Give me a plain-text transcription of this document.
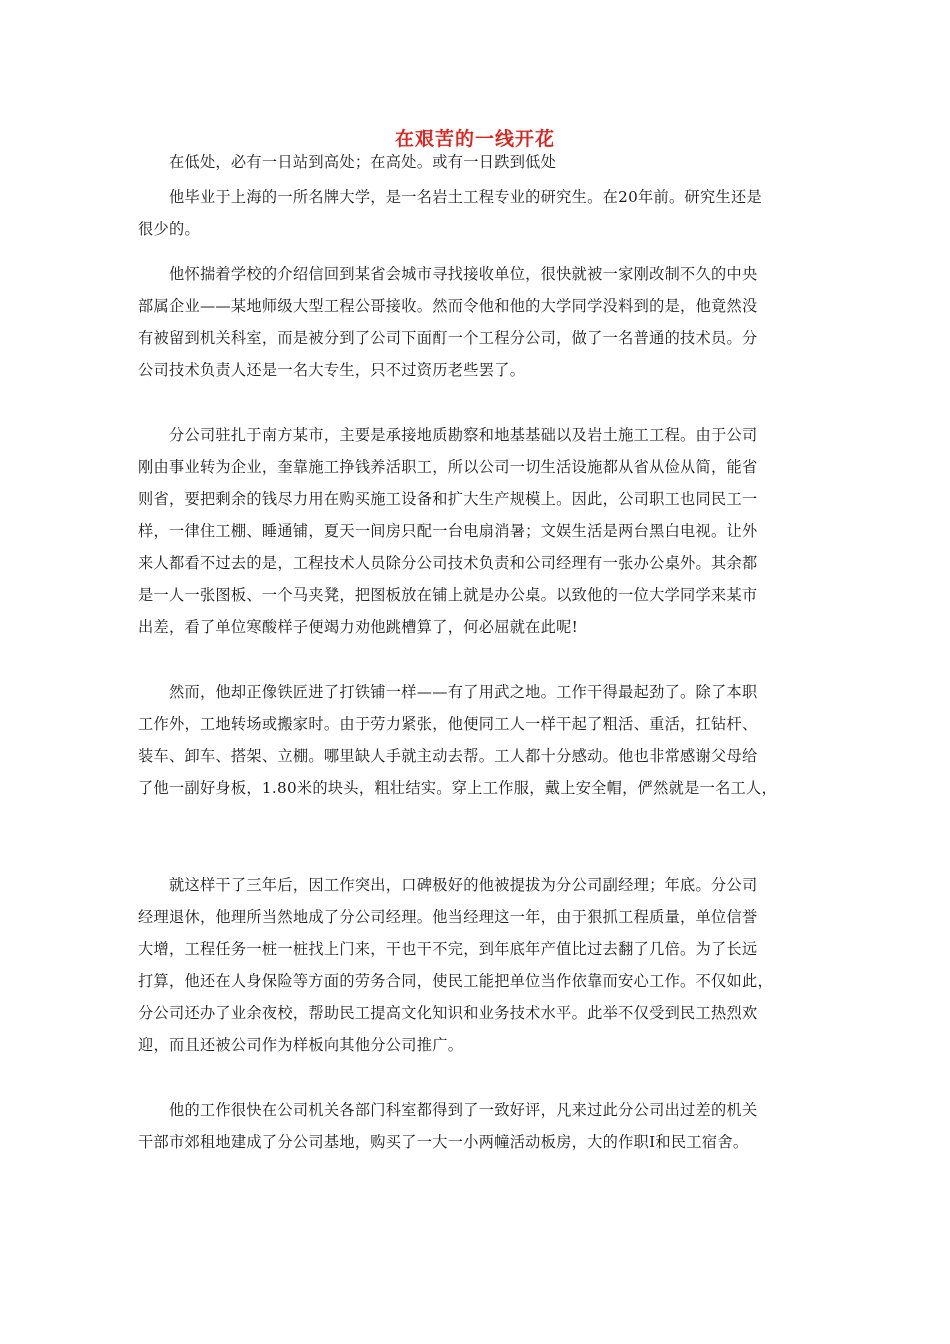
在艰苦的一线开花
　　在低处，必有一日站到高处；在高处。或有一日跌到低处
　　他毕业于上海的一所名牌大学，是一名岩土工程专业的研究生。在20年前。研究生还是
很少的。
　　他怀揣着学校的介绍信回到某省会城市寻找接收单位，很快就被一家刚改制不久的中央
部属企业——某地师级大型工程公哥接收。然而令他和他的大学同学没料到的是，他竟然没
有被留到机关科室，而是被分到了公司下面酊一个工程分公司，做了一名普通的技术员。分
公司技术负责人还是一名大专生，只不过资历老些罢了。
　　分公司驻扎于南方某市，主要是承接地质勘察和地基基础以及岩土施工工程。由于公司
刚由事业转为企业，奎靠施工挣钱养活职工，所以公司一切生活设施都从省从俭从简，能省
则省，要把剩余的钱尽力用在购买施工设备和扩大生产规模上。因此，公司职工也同民工一
样，一律住工棚、睡通铺，夏天一间房只配一台电扇消暑；文娱生活是两台黑白电视。让外
来人都看不过去的是，工程技术人员除分公司技术负责和公司经理有一张办公桌外。其余都
是一人一张图板、一个马夹凳，把图板放在铺上就是办公桌。以致他的一位大学同学来某市
出差，看了单位寒酸样子便竭力劝他跳槽算了，何必屈就在此呢!
　　然而，他却正像铁匠进了打铁铺一样——有了用武之地。工作干得最起劲了。除了本职
工作外，工地转场或搬家时。由于劳力紧张，他便同工人一样干起了粗活、重活，扛钻杆、
装车、卸车、搭架、立棚。哪里缺人手就主动去帮。工人都十分感动。他也非常感谢父母给
了他一副好身板，1.80米的块头，粗壮结实。穿上工作服，戴上安全帽，俨然就是一名工人，
　　就这样干了三年后，因工作突出，口碑极好的他被提拔为分公司副经理；年底。分公司
经理退休，他理所当然地成了分公司经理。他当经理这一年，由于狠抓工程质量，单位信誉
大增，工程任务一桩一桩找上门来，干也干不完，到年底年产值比过去翻了几倍。为了长远
打算，他还在人身保险等方面的劳务合同，使民工能把单位当作依靠而安心工作。不仅如此，
分公司还办了业余夜校，帮助民工提高文化知识和业务技术水平。此举不仅受到民工热烈欢
迎，而且还被公司作为样板向其他分公司推广。
　　他的工作很快在公司机关各部门科室都得到了一致好评，凡来过此分公司出过差的机关
干部市郊租地建成了分公司基地，购买了一大一小两幢活动板房，大的作职Ⅰ和民工宿舍。
